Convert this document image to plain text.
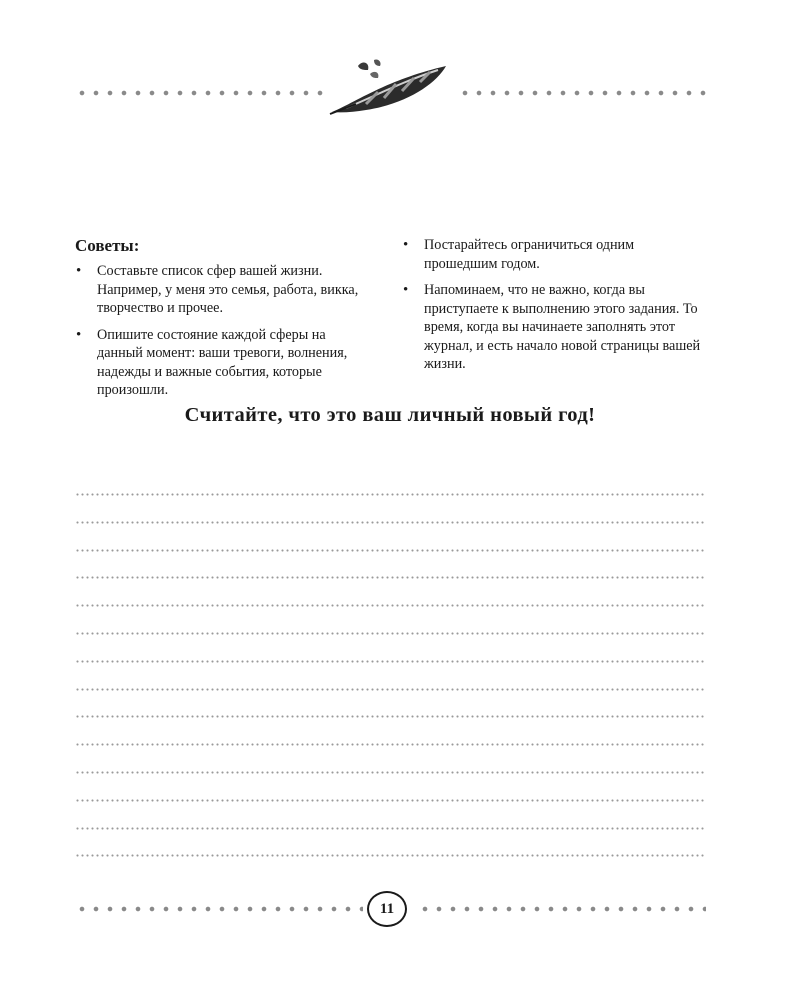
Советы:
• Составьте список сфер вашей жизни. Например, у меня это семья, работа, викка, творчество и прочее.
• Опишите состояние каждой сферы на данный момент: ваши тревоги, волнения, надежды и важные события, которые произошли.
• Постарайтесь ограничиться одним прошедшим годом.
• Напоминаем, что не важно, когда вы приступаете к выполнению этого задания. То время, когда вы начинаете заполнять этот журнал, и есть начало новой страницы вашей жизни.
Считайте, что это ваш личный новый год!
11
